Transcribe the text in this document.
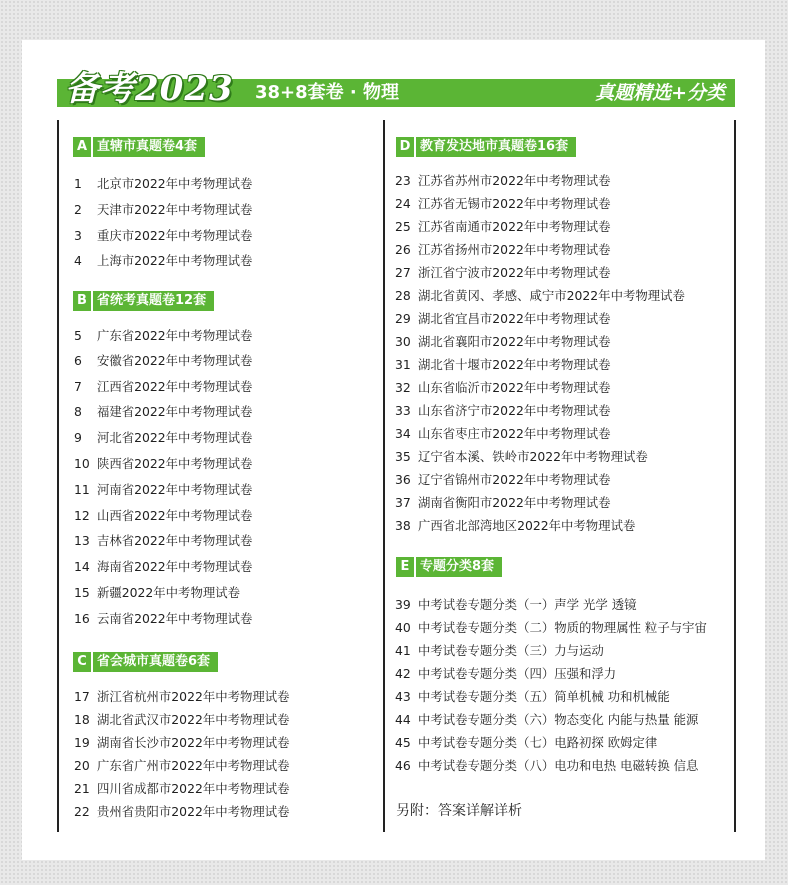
备考2023 38+8套卷 · 物理	真题精选+分类
A 直辖市真题卷4套
B 省统考真题卷12套
C 省会城市真题卷6套
D 教育发达地市真题卷16套
E 专题分类8套
1 北京市2022年中考物理试卷
2 天津市2022年中考物理试卷
3 重庆市2022年中考物理试卷
4 上海市2022年中考物理试卷
5 广东省2022年中考物理试卷
6 安徽省2022年中考物理试卷
7 江西省2022年中考物理试卷
8 福建省2022年中考物理试卷
9 河北省2022年中考物理试卷
10 陕西省2022年中考物理试卷
11 河南省2022年中考物理试卷
12 山西省2022年中考物理试卷
13 吉林省2022年中考物理试卷
14 海南省2022年中考物理试卷
15 新疆2022年中考物理试卷
16 云南省2022年中考物理试卷
17 浙江省杭州市2022年中考物理试卷
18 湖北省武汉市2022年中考物理试卷
19 湖南省长沙市2022年中考物理试卷
20 广东省广州市2022年中考物理试卷
21 四川省成都市2022年中考物理试卷
22 贵州省贵阳市2022年中考物理试卷
23 江苏省苏州市2022年中考物理试卷
24 江苏省无锡市2022年中考物理试卷
25 江苏省南通市2022年中考物理试卷
26 江苏省扬州市2022年中考物理试卷
27 浙江省宁波市2022年中考物理试卷
28 湖北省黄冈、孝感、咸宁市2022年中考物理试卷
29 湖北省宜昌市2022年中考物理试卷
30 湖北省襄阳市2022年中考物理试卷
31 湖北省十堰市2022年中考物理试卷
32 山东省临沂市2022年中考物理试卷
33 山东省济宁市2022年中考物理试卷
34 山东省枣庄市2022年中考物理试卷
35 辽宁省本溪、铁岭市2022年中考物理试卷
36 辽宁省锦州市2022年中考物理试卷
37 湖南省衡阳市2022年中考物理试卷
38 广西省北部湾地区2022年中考物理试卷
39 中考试卷专题分类（一）声学 光学 透镜
40 中考试卷专题分类（二）物质的物理属性 粒子与宇宙
41 中考试卷专题分类（三）力与运动
42 中考试卷专题分类（四）压强和浮力
43 中考试卷专题分类（五）简单机械 功和机械能
44 中考试卷专题分类（六）物态变化 内能与热量 能源
45 中考试卷专题分类（七）电路初探 欧姆定律
46 中考试卷专题分类（八）电功和电热 电磁转换 信息
另附：答案详解详析
